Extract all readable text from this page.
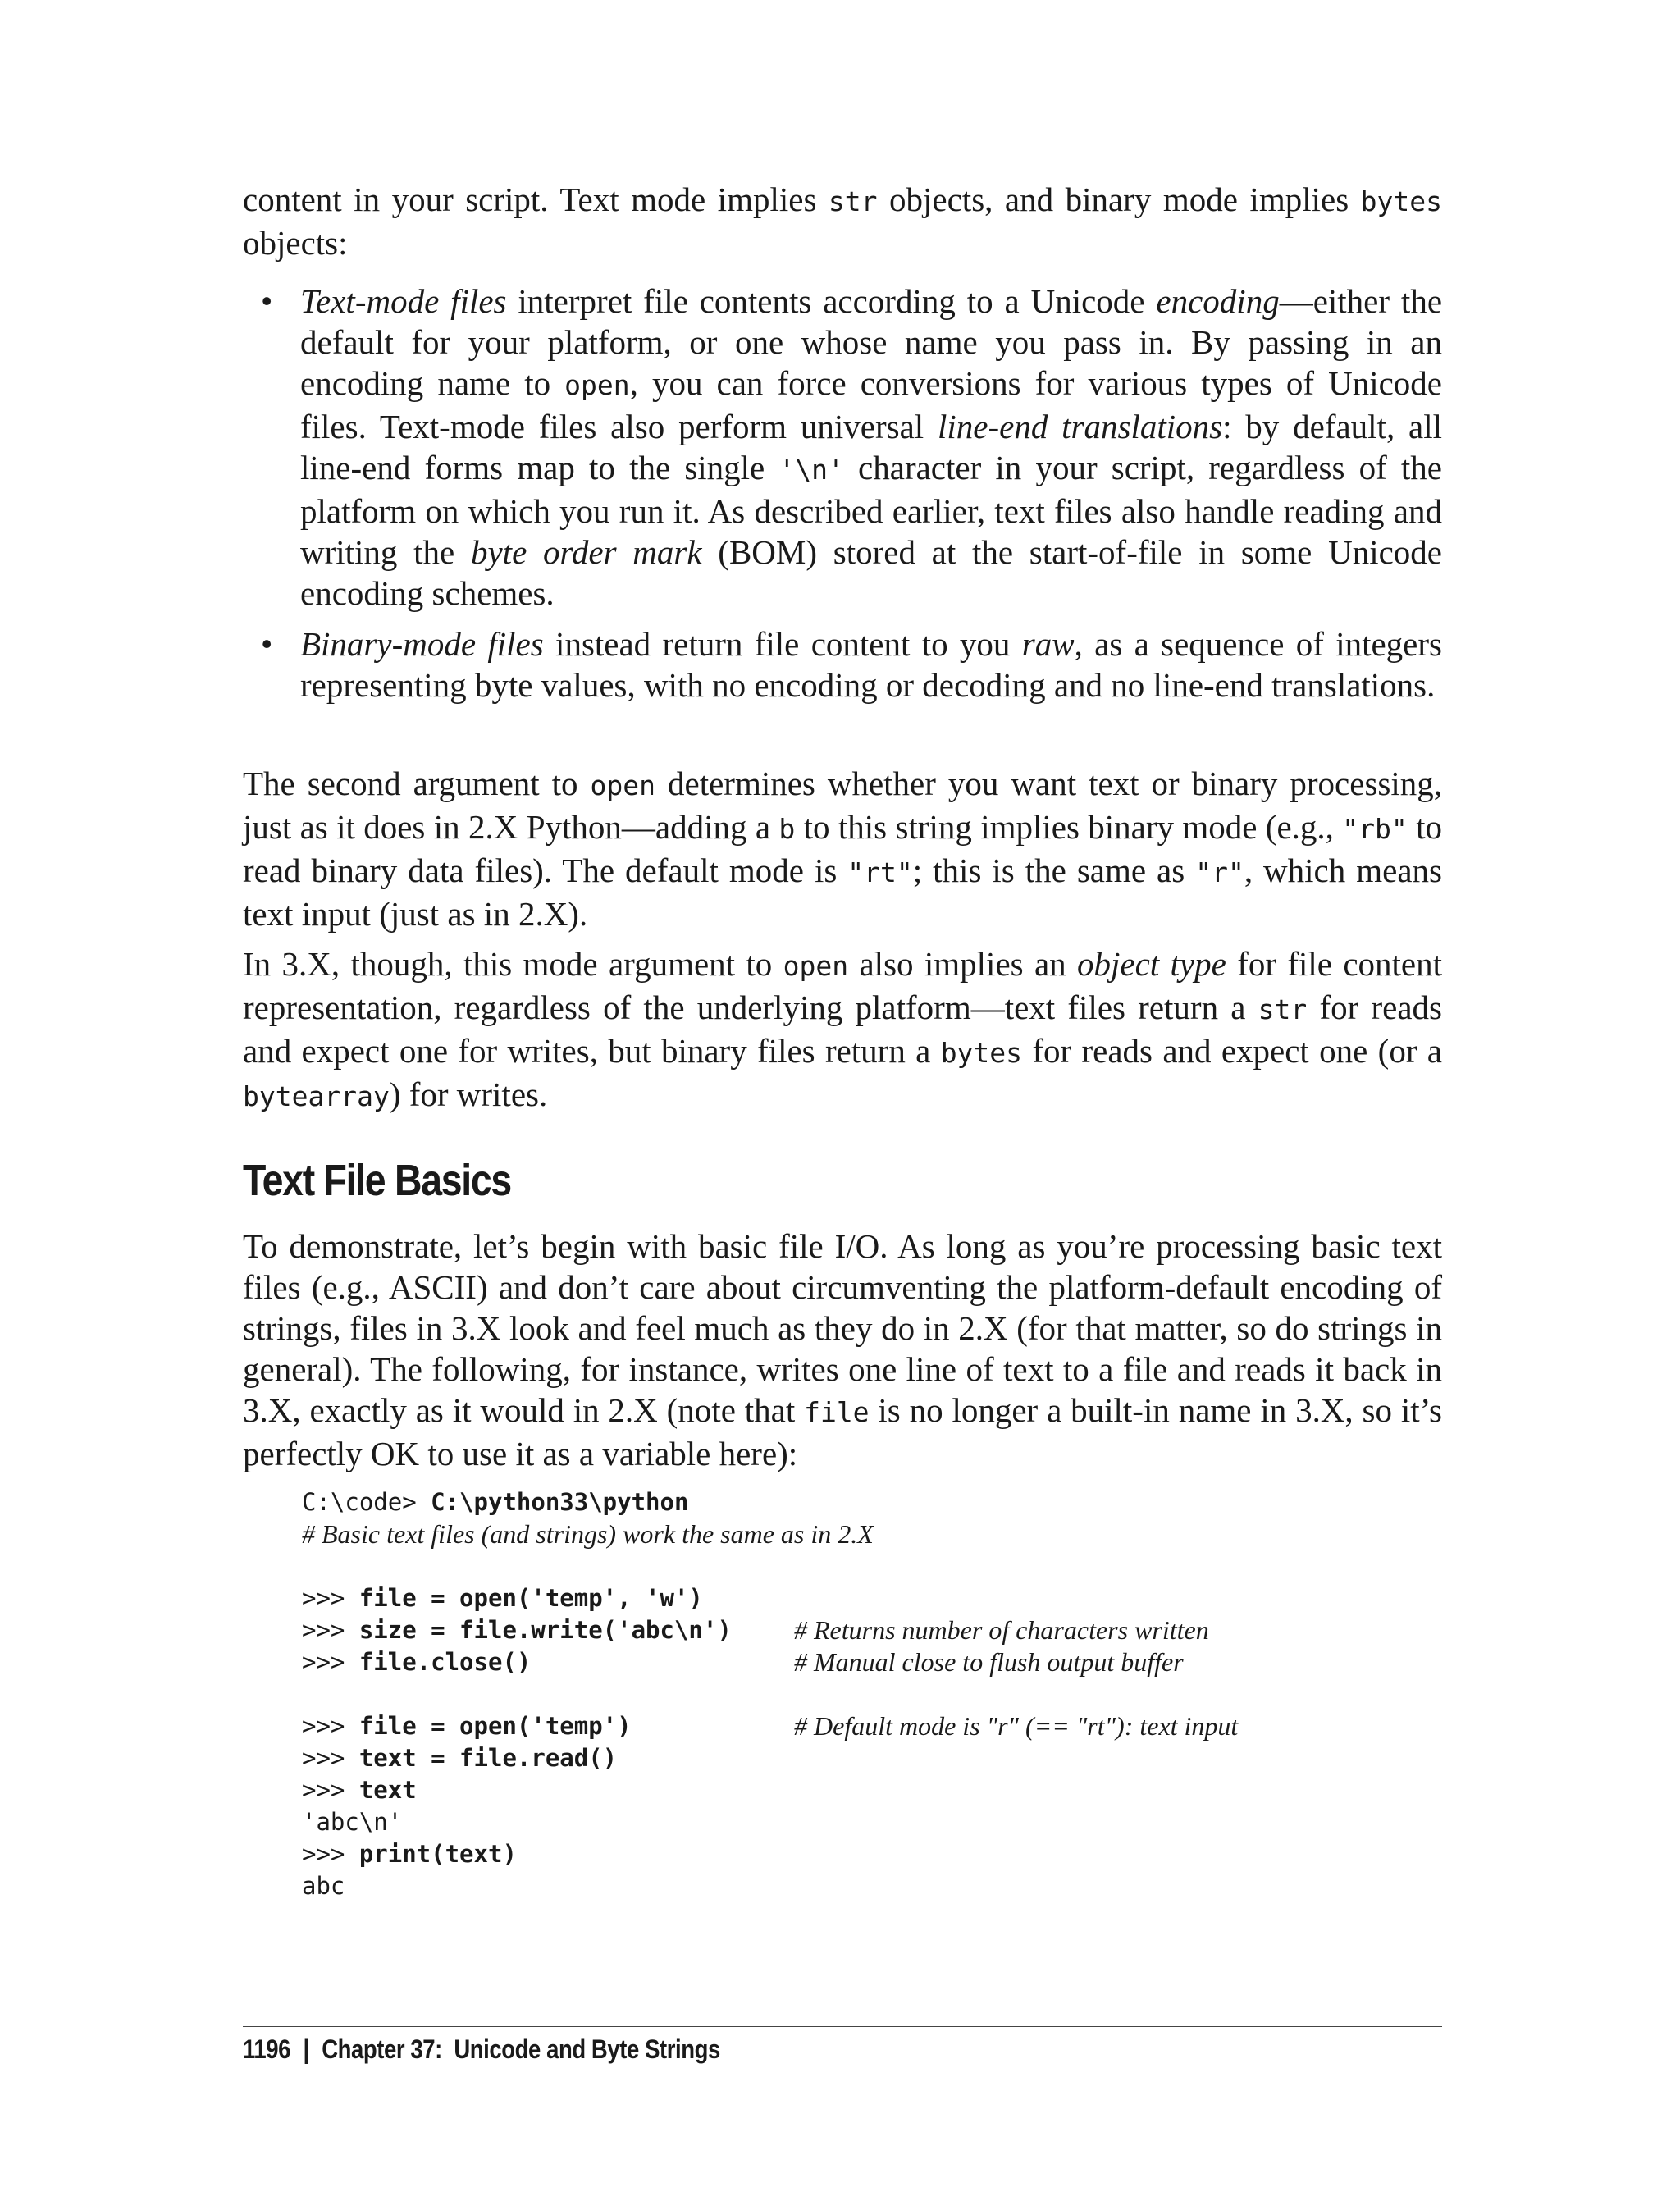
content in your script. Text mode implies str objects, and binary mode implies bytes objects:

• Text-mode files interpret file contents according to a Unicode encoding—either the default for your platform, or one whose name you pass in. By passing in an encoding name to open, you can force conversions for various types of Unicode files. Text-mode files also perform universal line-end translations: by default, all line-end forms map to the single '\n' character in your script, regardless of the platform on which you run it. As described earlier, text files also handle reading and writing the byte order mark (BOM) stored at the start-of-file in some Unicode encoding schemes.
• Binary-mode files instead return file content to you raw, as a sequence of integers representing byte values, with no encoding or decoding and no line-end translations.

The second argument to open determines whether you want text or binary processing, just as it does in 2.X Python—adding a b to this string implies binary mode (e.g., "rb" to read binary data files). The default mode is "rt"; this is the same as "r", which means text input (just as in 2.X).

In 3.X, though, this mode argument to open also implies an object type for file content representation, regardless of the underlying platform—text files return a str for reads and expect one for writes, but binary files return a bytes for reads and expect one (or a bytearray) for writes.

Text File Basics

To demonstrate, let’s begin with basic file I/O. As long as you’re processing basic text files (e.g., ASCII) and don’t care about circumventing the platform-default encoding of strings, files in 3.X look and feel much as they do in 2.X (for that matter, so do strings in general). The following, for instance, writes one line of text to a file and reads it back in 3.X, exactly as it would in 2.X (note that file is no longer a built-in name in 3.X, so it’s perfectly OK to use it as a variable here):

C:\code> C:\python33\python
# Basic text files (and strings) work the same as in 2.X
>>> file = open('temp', 'w')
>>> size = file.write('abc\n') # Returns number of characters written
>>> file.close()	# Manual close to flush output buffer
>>> file = open('temp')	# Default mode is "r" (== "rt"): text input
>>> text = file.read()
>>> text
'abc\n'
>>> print(text)
abc
1196 | Chapter 37:  Unicode and Byte Strings
